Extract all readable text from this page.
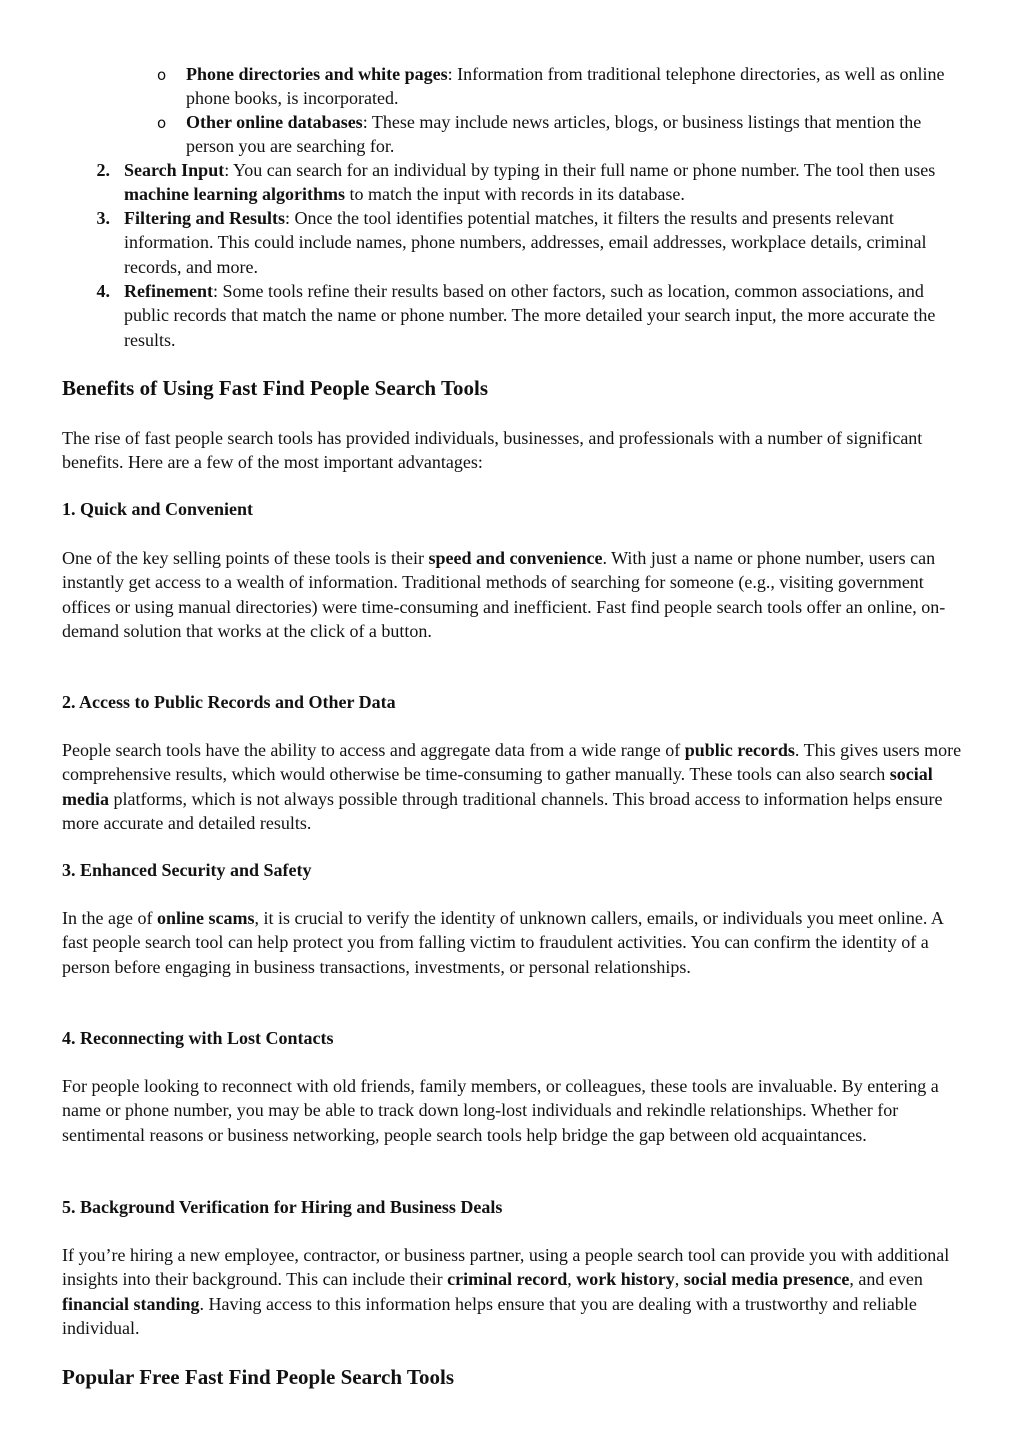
o Phone directories and white pages: Information from traditional telephone directories, as well as online phone books, is incorporated.

o Other online databases: These may include news articles, blogs, or business listings that mention the person you are searching for.

2. Search Input: You can search for an individual by typing in their full name or phone number. The tool then uses machine learning algorithms to match the input with records in its database.

3. Filtering and Results: Once the tool identifies potential matches, it filters the results and presents relevant information. This could include names, phone numbers, addresses, email addresses, workplace details, criminal records, and more.

4. Refinement: Some tools refine their results based on other factors, such as location, common associations, and public records that match the name or phone number. The more detailed your search input, the more accurate the results.

Benefits of Using Fast Find People Search Tools

The rise of fast people search tools has provided individuals, businesses, and professionals with a number of significant benefits. Here are a few of the most important advantages:

1. Quick and Convenient

One of the key selling points of these tools is their speed and convenience. With just a name or phone number, users can instantly get access to a wealth of information. Traditional methods of searching for someone (e.g., visiting government offices or using manual directories) were time-consuming and inefficient. Fast find people search tools offer an online, on-demand solution that works at the click of a button.

2. Access to Public Records and Other Data

People search tools have the ability to access and aggregate data from a wide range of public records. This gives users more comprehensive results, which would otherwise be time-consuming to gather manually. These tools can also search social media platforms, which is not always possible through traditional channels. This broad access to information helps ensure more accurate and detailed results.

3. Enhanced Security and Safety

In the age of online scams, it is crucial to verify the identity of unknown callers, emails, or individuals you meet online. A fast people search tool can help protect you from falling victim to fraudulent activities. You can confirm the identity of a person before engaging in business transactions, investments, or personal relationships.

4. Reconnecting with Lost Contacts

For people looking to reconnect with old friends, family members, or colleagues, these tools are invaluable. By entering a name or phone number, you may be able to track down long-lost individuals and rekindle relationships. Whether for sentimental reasons or business networking, people search tools help bridge the gap between old acquaintances.

5. Background Verification for Hiring and Business Deals

If you’re hiring a new employee, contractor, or business partner, using a people search tool can provide you with additional insights into their background. This can include their criminal record, work history, social media presence, and even financial standing. Having access to this information helps ensure that you are dealing with a trustworthy and reliable individual.

Popular Free Fast Find People Search Tools
